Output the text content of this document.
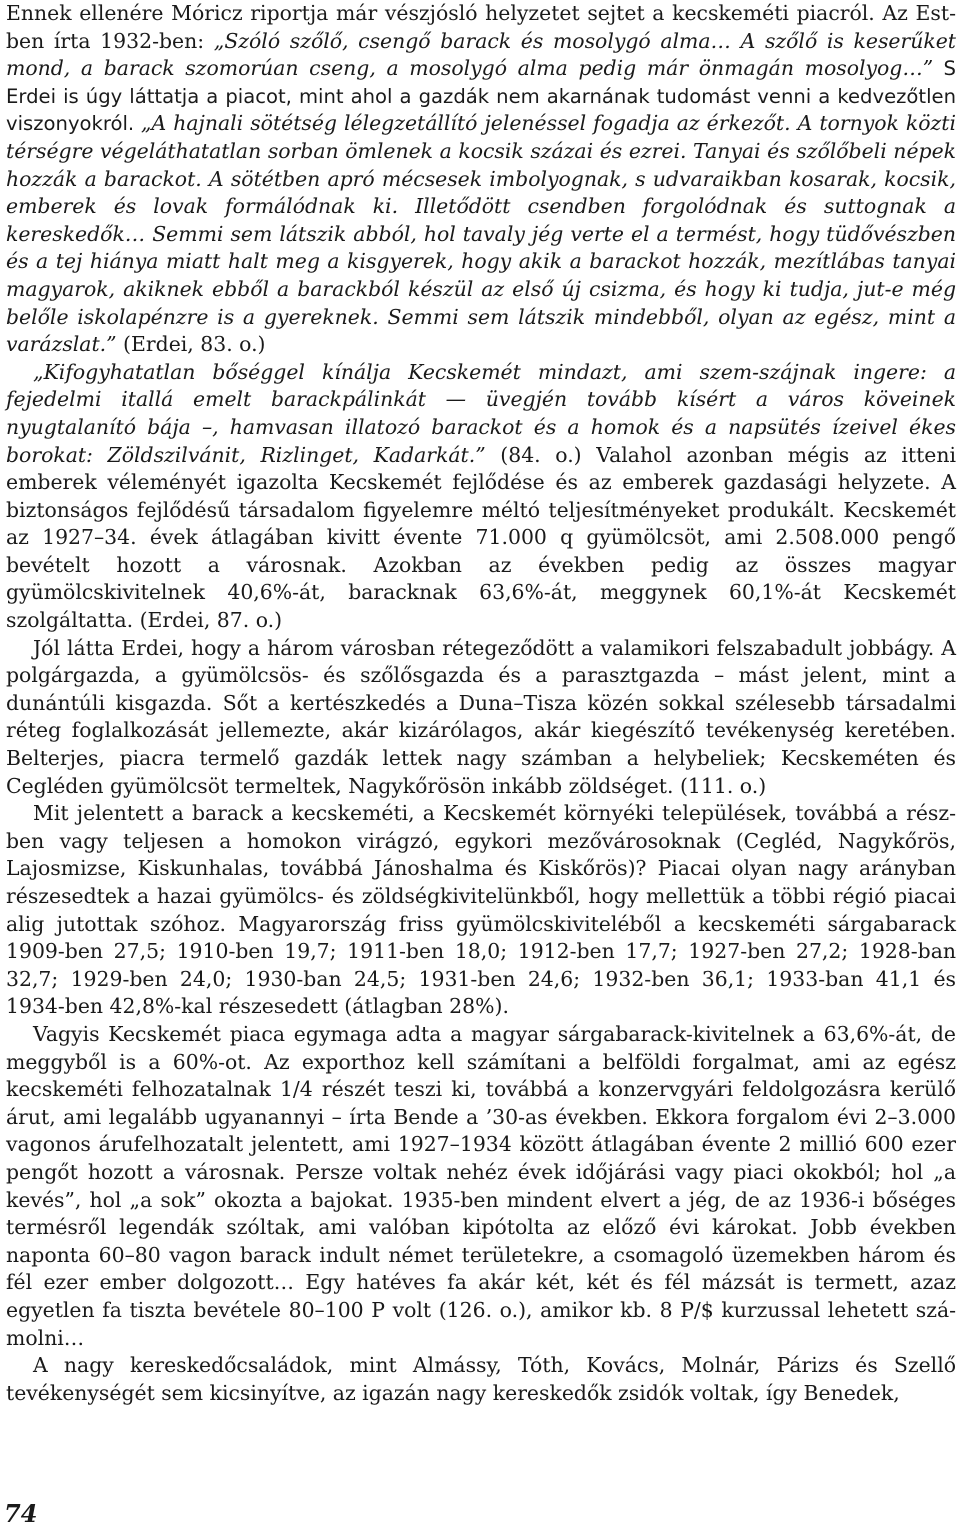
Ennek ellenére Móricz riportja már vészjósló helyzetet sejtet a kecskeméti piacról. Az Est-ben írta 1932-ben: „Szóló szőlő, csengő barack és mosolygó alma… A szőlő is keserűket mond, a barack szomorúan cseng, a mosolygó alma pedig már önmagán mosolyog…” S Erdei is úgy láttatja a piacot, mint ahol a gazdák nem akarnának tudomást venni a kedvezőtlen viszonyokról. „A hajnali sötétség lélegzetállító jelenéssel fogadja az érkezőt. A tornyok közti térségre végeláthatatlan sorban ömlenek a kocsik százai és ezrei. Tanyai és szőlőbeli népek hozzák a barackot. A sötétben apró mécsesek imbolyognak, s udvaraikban kosarak, kocsik, emberek és lovak formálódnak ki. Illetődött csendben forgolódnak és suttognak a kereskedők… Semmi sem látszik abból, hol tavaly jég verte el a termést, hogy tüdővészben és a tej hiánya miatt halt meg a kisgyerek, hogy akik a barackot hozzák, mezítlábas tanyai magyarok, akiknek ebből a barackból készül az első új csizma, és hogy ki tudja, jut-e még belőle iskolapénzre is a gyereknek. Semmi sem látszik mindebből, olyan az egész, mint a varázslat.” (Erdei, 83. o.)

„Kifogyhatatlan bőséggel kínálja Kecskemét mindazt, ami szem-szájnak ingere: a fejedelmi itallá emelt barackpálinkát — üvegjén tovább kísért a város köveinek nyugtalanító bája –, hamvasan illatozó barackot és a homok és a napsütés ízeivel ékes borokat: Zöldszilvánit, Rizlinget, Kadarkát.” (84. o.) Valahol azonban mégis az itteni emberek véleményét igazolta Kecskemét fejlődése és az emberek gazdasági helyzete. A biztonságos fejlődésű társadalom figyelemre méltó teljesítményeket produkált. Kecskemét az 1927–34. évek átlagában kivitt évente 71.000 q gyümölcsöt, ami 2.508.000 pengő bevételt hozott a városnak. Azokban az években pedig az összes magyar gyümölcskivitelnek 40,6%-át, baracknak 63,6%-át, meggynek 60,1%-át Kecskemét szolgáltatta. (Erdei, 87. o.)

Jól látta Erdei, hogy a három városban rétegeződött a valamikori felszabadult jobbágy. A polgárgazda, a gyümölcsös- és szőlősgazda és a parasztgazda – mást jelent, mint a dunántúli kisgazda. Sőt a kertészkedés a Duna–Tisza közén sokkal szélesebb társadalmi réteg foglalkozását jellemezte, akár kizárólagos, akár kiegészítő tevékenység keretében. Belterjes, piacra termelő gazdák lettek nagy számban a helybeliek; Kecskeméten és Cegléden gyümölcsöt termeltek, Nagykőrösön inkább zöldséget. (111. o.)

Mit jelentett a barack a kecskeméti, a Kecskemét környéki települések, továbbá a részben vagy teljesen a homokon virágzó, egykori mezővárosoknak (Cegléd, Nagykőrös, Lajosmizse, Kiskunhalas, továbbá Jánoshalma és Kiskőrös)? Piacai olyan nagy arányban részesedtek a hazai gyümölcs- és zöldségkivitelünkből, hogy mellettük a többi régió piacai alig jutottak szóhoz. Magyarország friss gyümölcskiviteléből a kecskeméti sárgabarack 1909-ben 27,5; 1910-ben 19,7; 1911-ben 18,0; 1912-ben 17,7; 1927-ben 27,2; 1928-ban 32,7; 1929-ben 24,0; 1930-ban 24,5; 1931-ben 24,6; 1932-ben 36,1; 1933-ban 41,1 és 1934-ben 42,8%-kal részesedett (átlagban 28%).

Vagyis Kecskemét piaca egymaga adta a magyar sárgabarack-kivitelnek a 63,6%-át, de meggyből is a 60%-ot. Az exporthoz kell számítani a belföldi forgalmat, ami az egész kecskeméti felhozatalnak 1/4 részét teszi ki, továbbá a konzervgyári feldolgozásra kerülő árut, ami legalább ugyanannyi – írta Bende a ’30-as években. Ekkora forgalom évi 2–3.000 vagonos árufelhozatalt jelentett, ami 1927–1934 között átlagában évente 2 millió 600 ezer pengőt hozott a városnak. Persze voltak nehéz évek időjárási vagy piaci okokból; hol „a kevés”, hol „a sok” okozta a bajokat. 1935-ben mindent elvert a jég, de az 1936-i bőséges termésről legendák szóltak, ami valóban kipótolta az előző évi károkat. Jobb években naponta 60–80 vagon barack indult német területekre, a csomagoló üzemekben három és fél ezer ember dolgozott… Egy hatéves fa akár két, két és fél mázsát is termett, azaz egyetlen fa tiszta bevétele 80–100 P volt (126. o.), amikor kb. 8 P/$ kurzussal lehetett számolni…

A nagy kereskedőcsaládok, mint Almássy, Tóth, Kovács, Molnár, Párizs és Szellő tevékenységét sem kicsinyítve, az igazán nagy kereskedők zsidók voltak, így Benedek,

74
